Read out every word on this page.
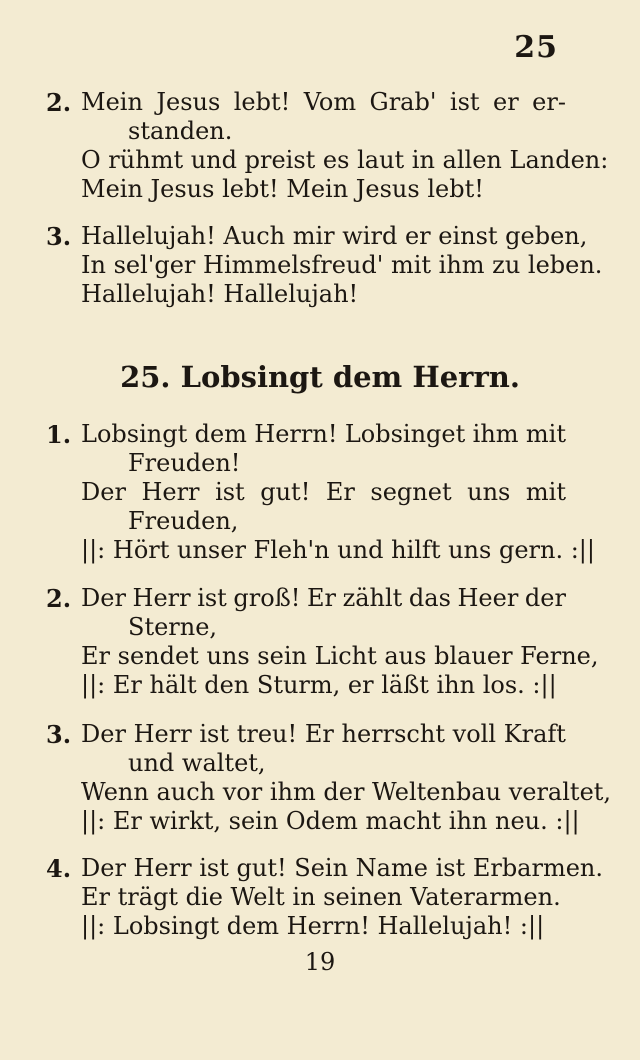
25
2. Mein Jesus lebt! Vom Grab' ist er er-
standen.
O rühmt und preist es laut in allen Landen:
Mein Jesus lebt! Mein Jesus lebt!
3. Hallelujah! Auch mir wird er einst geben,
In sel'ger Himmelsfreud' mit ihm zu leben.
Hallelujah! Hallelujah!
25. Lobsingt dem Herrn.
1. Lobsingt dem Herrn! Lobsinget ihm mit
Freuden!
Der Herr ist gut! Er segnet uns mit
Freuden,
||: Hört unser Fleh'n und hilft uns gern. :||
2. Der Herr ist groß! Er zählt das Heer der
Sterne,
Er sendet uns sein Licht aus blauer Ferne,
||: Er hält den Sturm, er läßt ihn los. :||
3. Der Herr ist treu! Er herrscht voll Kraft
und waltet,
Wenn auch vor ihm der Weltenbau veraltet,
||: Er wirkt, sein Odem macht ihn neu. :||
4. Der Herr ist gut! Sein Name ist Erbarmen.
Er trägt die Welt in seinen Vaterarmen.
||: Lobsingt dem Herrn! Hallelujah! :||
19
